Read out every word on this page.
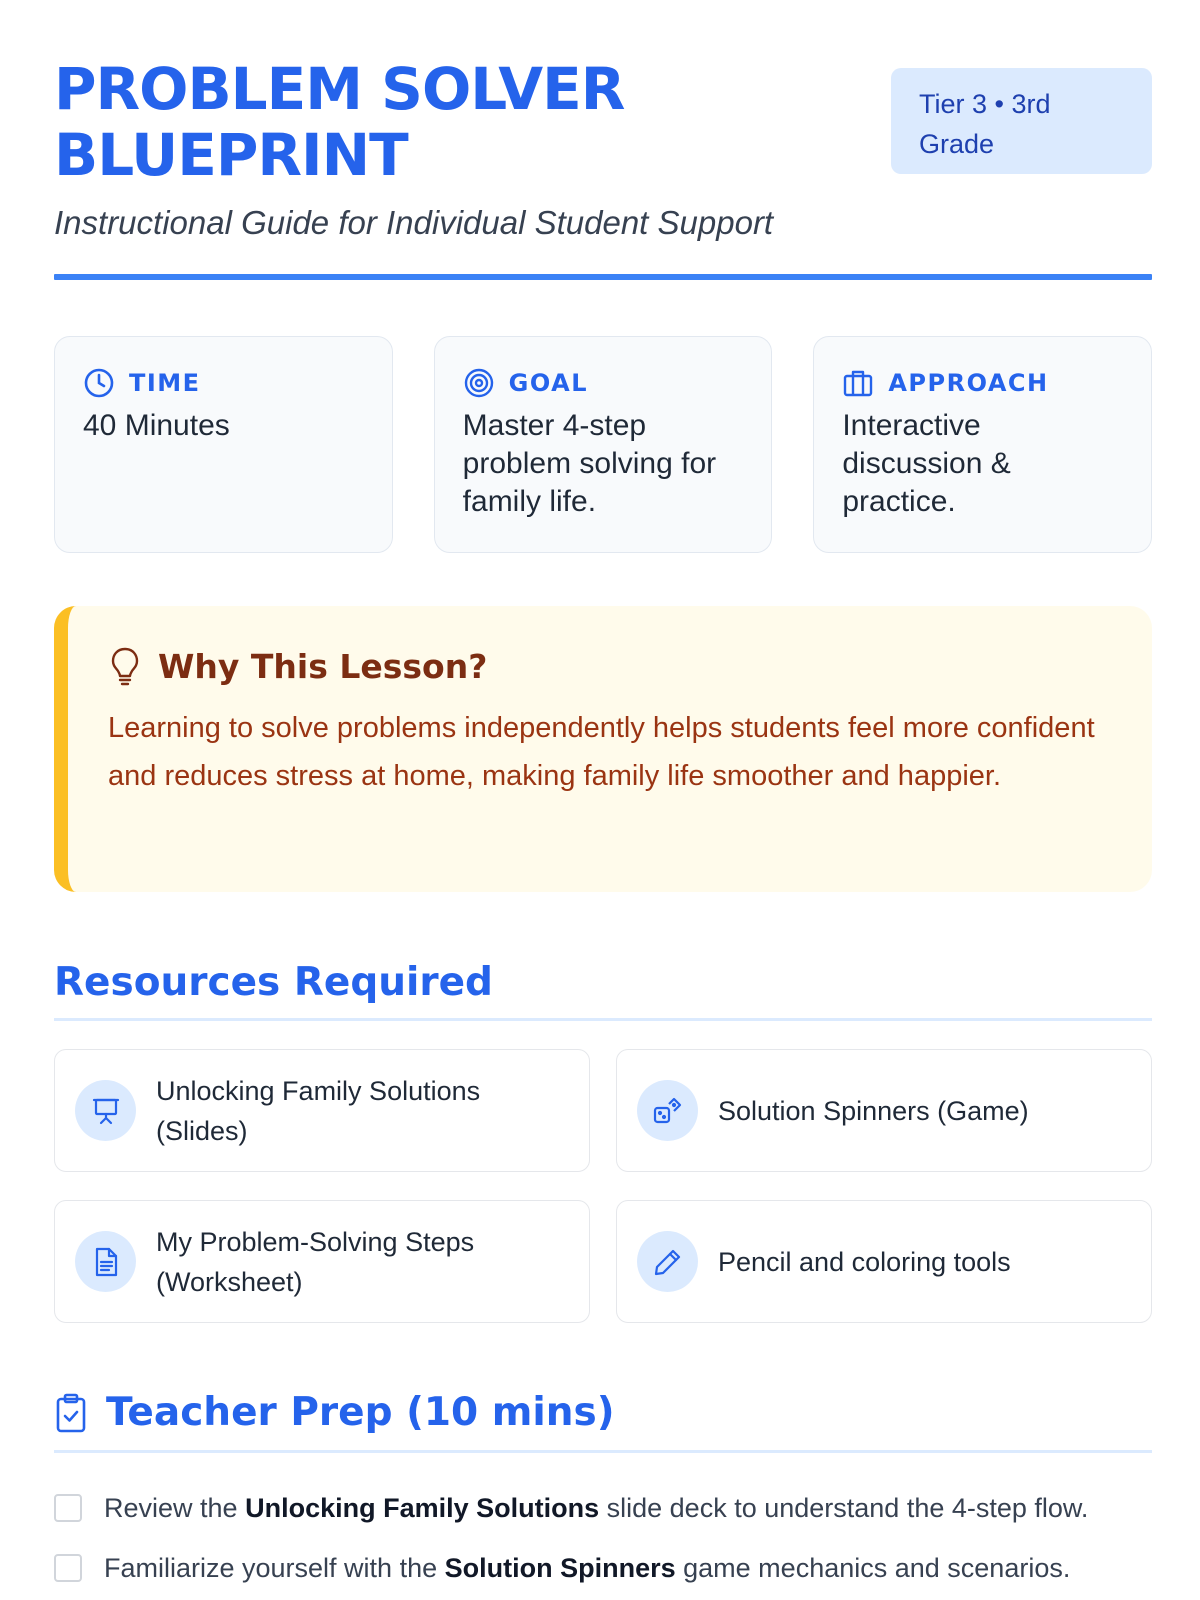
PROBLEM SOLVER BLUEPRINT
Tier 3 • 3rd Grade
Instructional Guide for Individual Student Support
TIME
40 Minutes
GOAL
Master 4-step problem solving for family life.
APPROACH
Interactive discussion & practice.
Why This Lesson?
Learning to solve problems independently helps students feel more confident and reduces stress at home, making family life smoother and happier.
Resources Required
Unlocking Family Solutions (Slides)
Solution Spinners (Game)
My Problem-Solving Steps (Worksheet)
Pencil and coloring tools
Teacher Prep (10 mins)
Review the Unlocking Family Solutions slide deck to understand the 4-step flow.
Familiarize yourself with the Solution Spinners game mechanics and scenarios.
